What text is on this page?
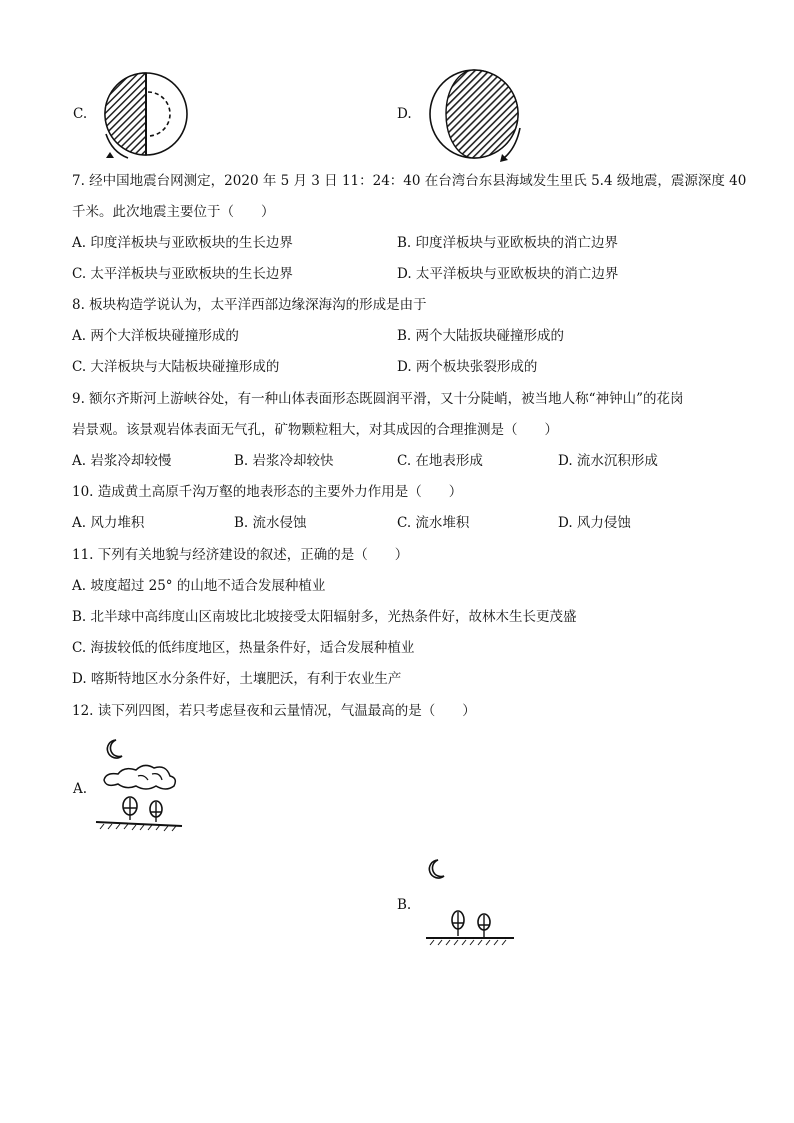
C.	D.
7. 经中国地震台网测定，2020 年 5 月 3 日 11：24：40 在台湾台东县海域发生里氏 5.4 级地震，震源深度 40
千米。此次地震主要位于（　　）
A. 印度洋板块与亚欧板块的生长边界	B. 印度洋板块与亚欧板块的消亡边界
C. 太平洋板块与亚欧板块的生长边界	D. 太平洋板块与亚欧板块的消亡边界
8. 板块构造学说认为，太平洋西部边缘深海沟的形成是由于
A. 两个大洋板块碰撞形成的	B. 两个大陆扳块碰撞形成的
C. 大洋板块与大陆板块碰撞形成的	D. 两个板块张裂形成的
9. 额尔齐斯河上游峡谷处，有一种山体表面形态既圆润平滑，又十分陡峭，被当地人称“神钟山”的花岗
岩景观。该景观岩体表面无气孔，矿物颗粒粗大，对其成因的合理推测是（　　）
A. 岩浆冷却较慢	B. 岩浆冷却较快	C. 在地表形成	D. 流水沉积形成
10. 造成黄土高原千沟万壑的地表形态的主要外力作用是（　　）
A. 风力堆积	B. 流水侵蚀	C. 流水堆积	D. 风力侵蚀
11. 下列有关地貌与经济建设的叙述，正确的是（　　）
A. 坡度超过 25° 的山地不适合发展种植业
B. 北半球中高纬度山区南坡比北坡接受太阳辐射多，光热条件好，故林木生长更茂盛
C. 海拔较低的低纬度地区，热量条件好，适合发展种植业
D. 喀斯特地区水分条件好，土壤肥沃，有利于农业生产
12. 读下列四图，若只考虑昼夜和云量情况，气温最高的是（　　）
A.
B.
